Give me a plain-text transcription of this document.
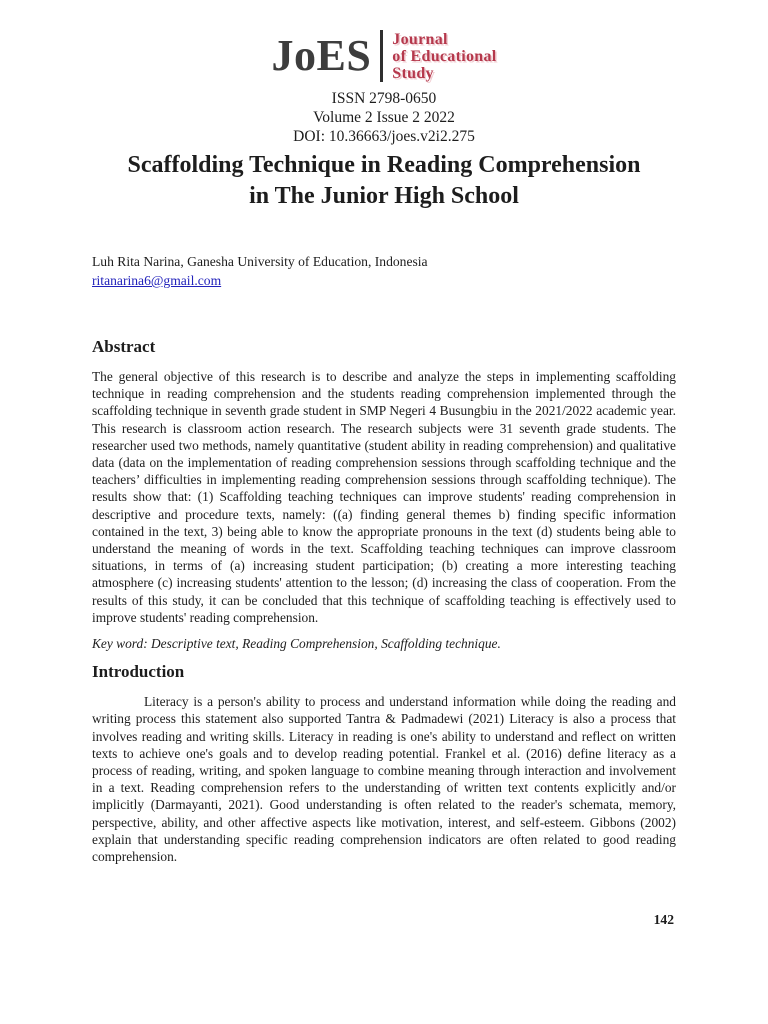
JoES Journal
of Educational
Study
ISSN 2798-0650
Volume 2 Issue 2 2022
DOI: 10.36663/joes.v2i2.275
Scaffolding Technique in Reading Comprehension
in The Junior High School
Luh Rita Narina, Ganesha University of Education, Indonesia
ritanarina6@gmail.com
Abstract
The general objective of this research is to describe and analyze the steps in implementing scaffolding technique in reading comprehension and the students reading comprehension implemented through the scaffolding technique in seventh grade student in SMP Negeri 4 Busungbiu in the 2021/2022 academic year. This research is classroom action research. The research subjects were 31 seventh grade students. The researcher used two methods, namely quantitative (student ability in reading comprehension) and qualitative data (data on the implementation of reading comprehension sessions through scaffolding technique and the teachers’ difficulties in implementing reading comprehension sessions through scaffolding technique). The results show that: (1) Scaffolding teaching techniques can improve students' reading comprehension in descriptive and procedure texts, namely: ((a) finding general themes b) finding specific information contained in the text, 3) being able to know the appropriate pronouns in the text (d) students being able to understand the meaning of words in the text. Scaffolding teaching techniques can improve classroom situations, in terms of (a) increasing student participation; (b) creating a more interesting teaching atmosphere (c) increasing students' attention to the lesson; (d) increasing the class of cooperation. From the results of this study, it can be concluded that this technique of scaffolding teaching is effectively used to improve students' reading comprehension.
Key word: Descriptive text, Reading Comprehension, Scaffolding technique.
Introduction
Literacy is a person's ability to process and understand information while doing the reading and writing process this statement also supported Tantra & Padmadewi (2021) Literacy is also a process that involves reading and writing skills. Literacy in reading is one's ability to understand and reflect on written texts to achieve one's goals and to develop reading potential. Frankel et al. (2016) define literacy as a process of reading, writing, and spoken language to combine meaning through interaction and involvement in a text. Reading comprehension refers to the understanding of written text contents explicitly and/or implicitly (Darmayanti, 2021). Good understanding is often related to the reader's schemata, memory, perspective, ability, and other affective aspects like motivation, interest, and self-esteem. Gibbons (2002) explain that understanding specific reading comprehension indicators are often related to good reading comprehension.
142
